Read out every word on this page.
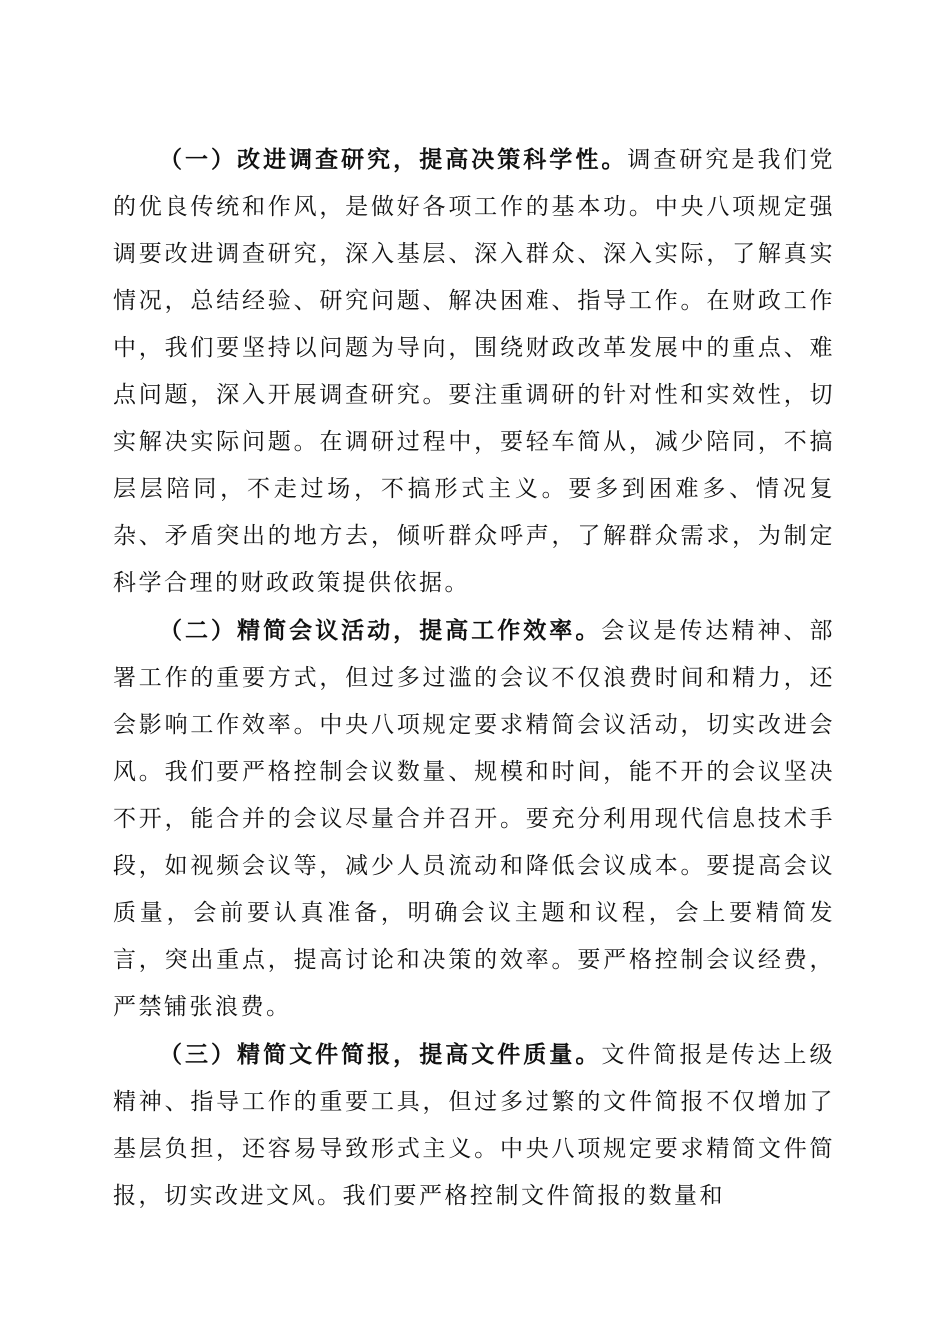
（一）改进调查研究，提高决策科学性。调查研究是我们党的优良传统和作风，是做好各项工作的基本功。中央八项规定强调要改进调查研究，深入基层、深入群众、深入实际，了解真实情况，总结经验、研究问题、解决困难、指导工作。在财政工作中，我们要坚持以问题为导向，围绕财政改革发展中的重点、难点问题，深入开展调查研究。要注重调研的针对性和实效性，切实解决实际问题。在调研过程中，要轻车简从，减少陪同，不搞层层陪同，不走过场，不搞形式主义。要多到困难多、情况复杂、矛盾突出的地方去，倾听群众呼声，了解群众需求，为制定科学合理的财政政策提供依据。

（二）精简会议活动，提高工作效率。会议是传达精神、部署工作的重要方式，但过多过滥的会议不仅浪费时间和精力，还会影响工作效率。中央八项规定要求精简会议活动，切实改进会风。我们要严格控制会议数量、规模和时间，能不开的会议坚决不开，能合并的会议尽量合并召开。要充分利用现代信息技术手段，如视频会议等，减少人员流动和降低会议成本。要提高会议质量，会前要认真准备，明确会议主题和议程，会上要精简发言，突出重点，提高讨论和决策的效率。要严格控制会议经费，严禁铺张浪费。

（三）精简文件简报，提高文件质量。文件简报是传达上级精神、指导工作的重要工具，但过多过繁的文件简报不仅增加了基层负担，还容易导致形式主义。中央八项规定要求精简文件简报，切实改进文风。我们要严格控制文件简报的数量和
